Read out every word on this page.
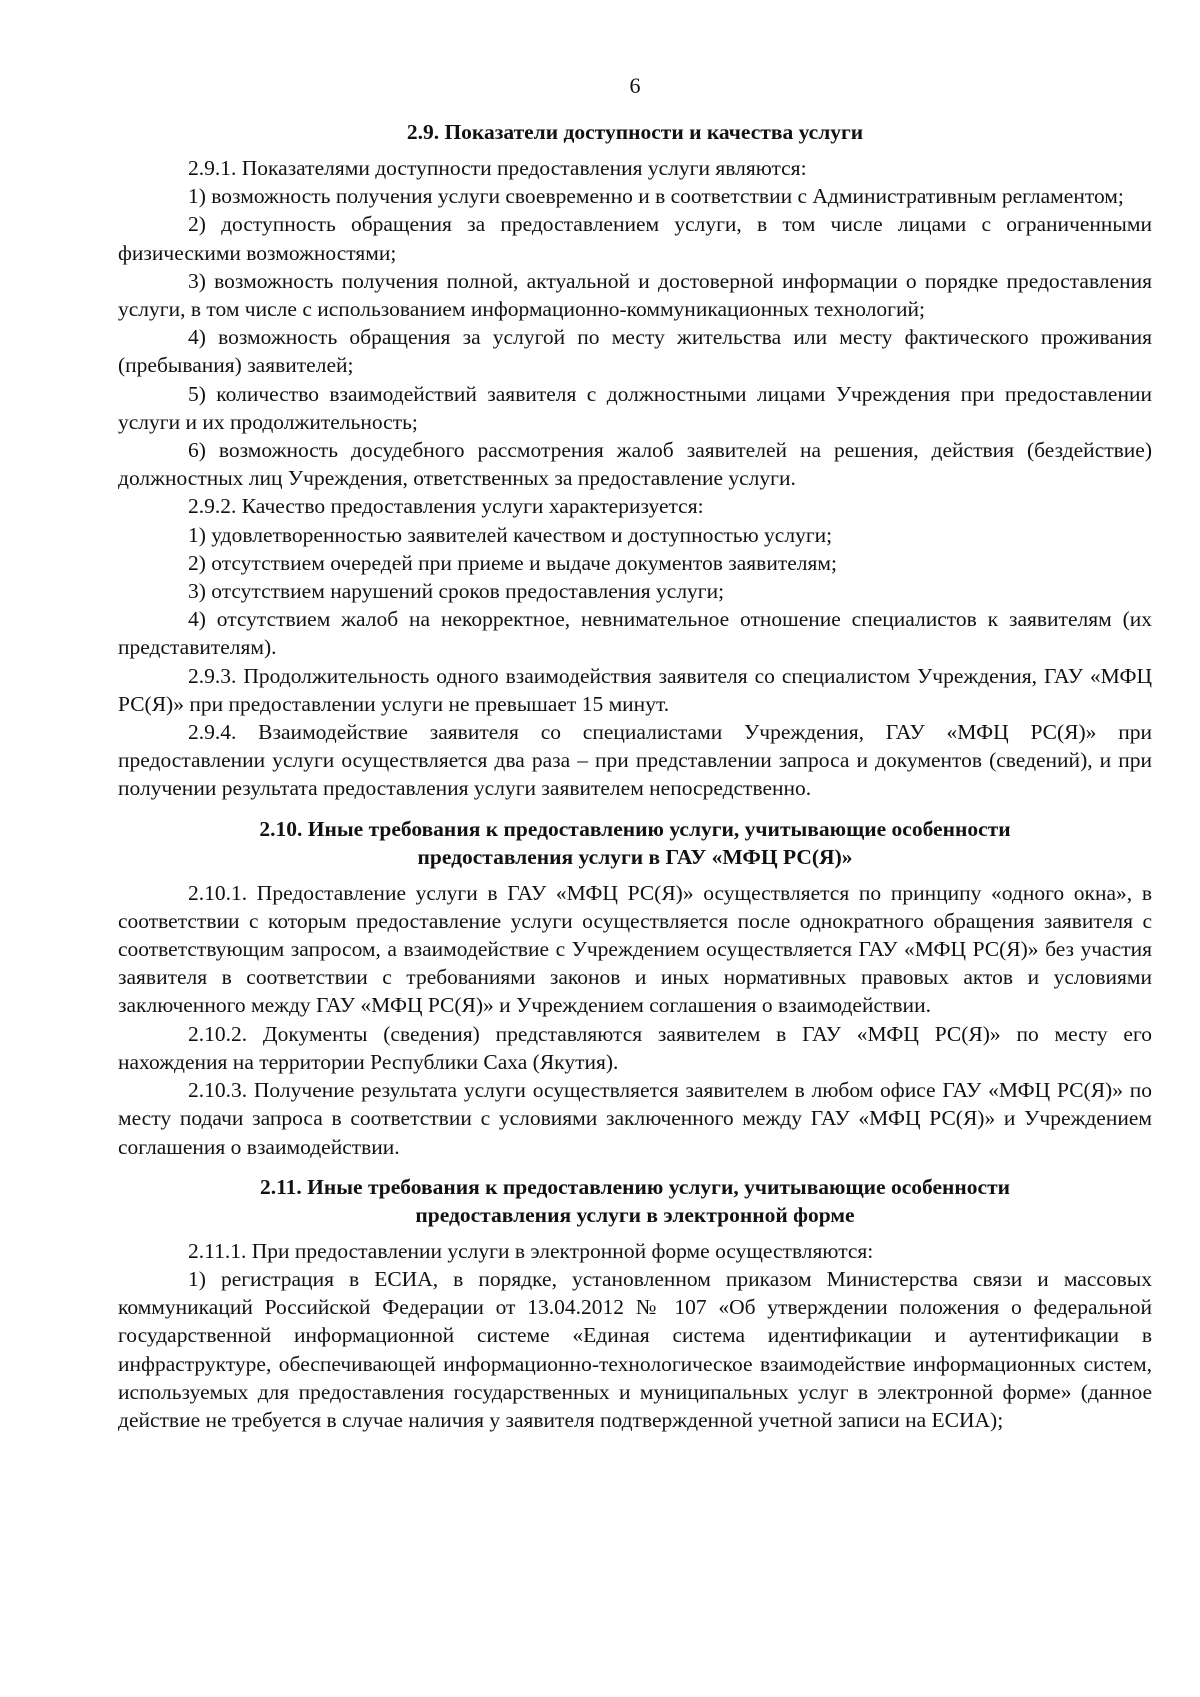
6
2.9. Показатели доступности и качества услуги

2.9.1. Показателями доступности предоставления услуги являются:

1) возможность получения услуги своевременно и в соответствии с Административным регламентом;

2) доступность обращения за предоставлением услуги, в том числе лицами с ограниченными физическими возможностями;

3) возможность получения полной, актуальной и достоверной информации о порядке предоставления услуги, в том числе с использованием информационно-коммуникационных технологий;

4) возможность обращения за услугой по месту жительства или месту фактического проживания (пребывания) заявителей;

5) количество взаимодействий заявителя с должностными лицами Учреждения при предоставлении услуги и их продолжительность;

6) возможность досудебного рассмотрения жалоб заявителей на решения, действия (бездействие) должностных лиц Учреждения, ответственных за предоставление услуги.

2.9.2. Качество предоставления услуги характеризуется:

1) удовлетворенностью заявителей качеством и доступностью услуги;

2) отсутствием очередей при приеме и выдаче документов заявителям;

3) отсутствием нарушений сроков предоставления услуги;

4) отсутствием жалоб на некорректное, невнимательное отношение специалистов к заявителям (их представителям).

2.9.3. Продолжительность одного взаимодействия заявителя со специалистом Учреждения, ГАУ «МФЦ РС(Я)» при предоставлении услуги не превышает 15 минут.

2.9.4. Взаимодействие заявителя со специалистами Учреждения, ГАУ «МФЦ РС(Я)» при предоставлении услуги осуществляется два раза – при представлении запроса и документов (сведений), и при получении результата предоставления услуги заявителем непосредственно.

2.10. Иные требования к предоставлению услуги, учитывающие особенности
предоставления услуги в ГАУ «МФЦ РС(Я)»

2.10.1. Предоставление услуги в ГАУ «МФЦ РС(Я)» осуществляется по принципу «одного окна», в соответствии с которым предоставление услуги осуществляется после однократного обращения заявителя с соответствующим запросом, а взаимодействие с Учреждением осуществляется ГАУ «МФЦ РС(Я)» без участия заявителя в соответствии с требованиями законов и иных нормативных правовых актов и условиями заключенного между ГАУ «МФЦ РС(Я)» и Учреждением соглашения о взаимодействии.

2.10.2. Документы (сведения) представляются заявителем в ГАУ «МФЦ РС(Я)» по месту его нахождения на территории Республики Саха (Якутия).

2.10.3. Получение результата услуги осуществляется заявителем в любом офисе ГАУ «МФЦ РС(Я)» по месту подачи запроса в соответствии с условиями заключенного между ГАУ «МФЦ РС(Я)» и Учреждением соглашения о взаимодействии.

2.11. Иные требования к предоставлению услуги, учитывающие особенности
предоставления услуги в электронной форме

2.11.1. При предоставлении услуги в электронной форме осуществляются:

1) регистрация в ЕСИА, в порядке, установленном приказом Министерства связи и массовых коммуникаций Российской Федерации от 13.04.2012 № 107 «Об утверждении положения о федеральной государственной информационной системе «Единая система идентификации и аутентификации в инфраструктуре, обеспечивающей информационно-технологическое взаимодействие информационных систем, используемых для предоставления государственных и муниципальных услуг в электронной форме» (данное действие не требуется в случае наличия у заявителя подтвержденной учетной записи на ЕСИА);
